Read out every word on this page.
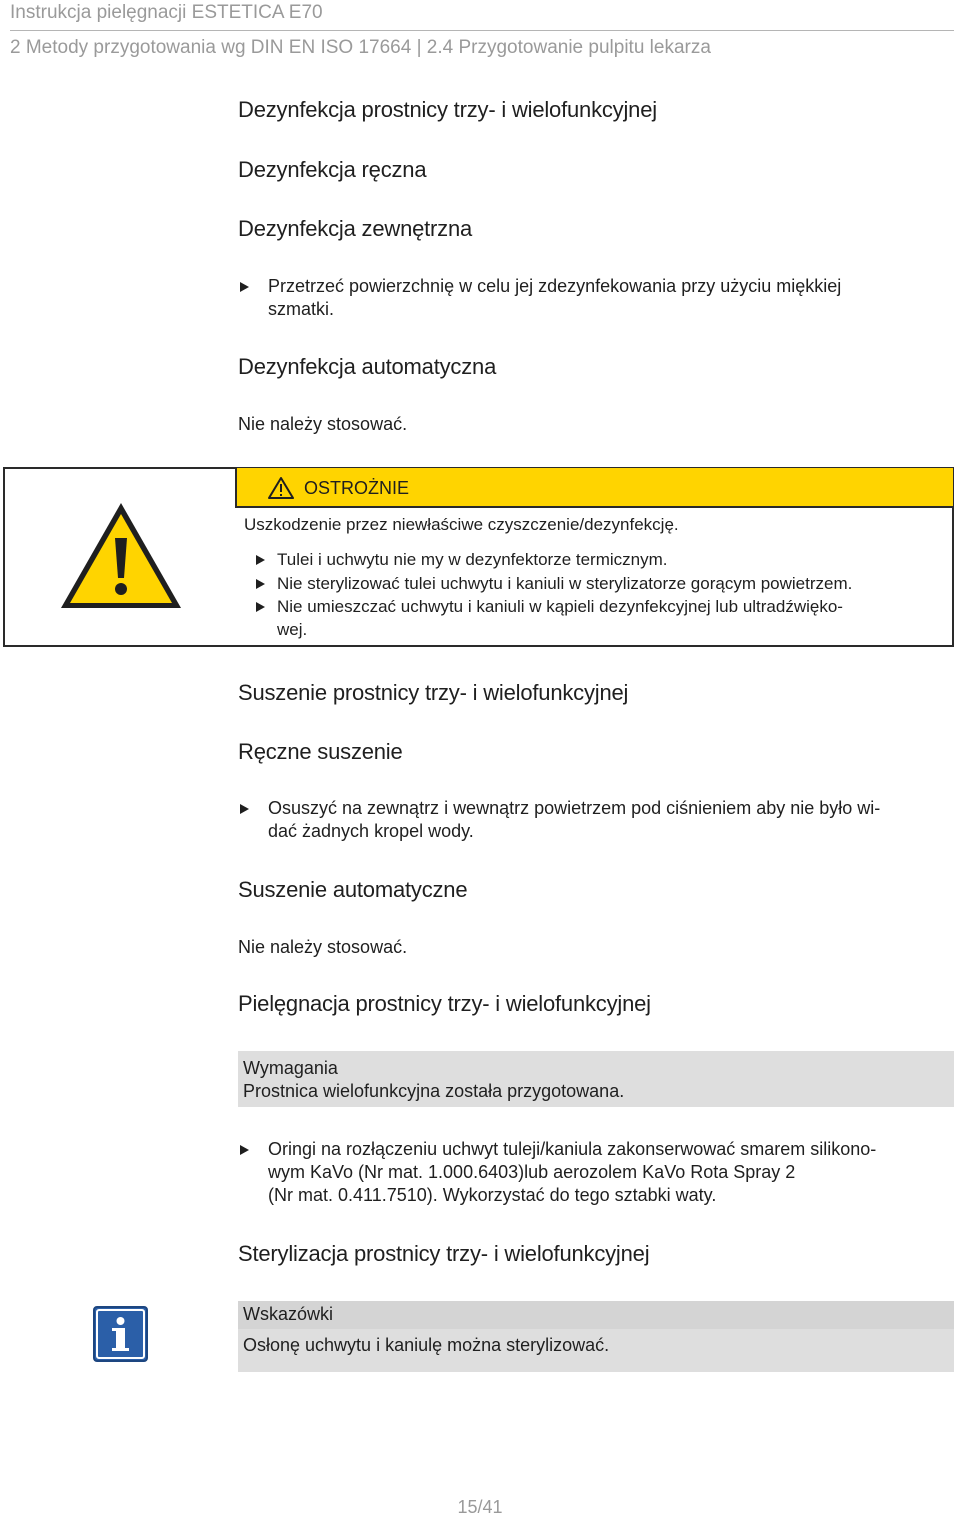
Instrukcja pielęgnacji ESTETICA E70
2 Metody przygotowania wg DIN EN ISO 17664 | 2.4 Przygotowanie pulpitu lekarza
Dezynfekcja prostnicy trzy- i wielofunkcyjnej
Dezynfekcja ręczna
Dezynfekcja zewnętrzna
Przetrzeć powierzchnię w celu jej zdezynfekowania przy użyciu miękkiej
szmatki.
Dezynfekcja automatyczna
Nie należy stosować.
OSTROŻNIE
Uszkodzenie przez niewłaściwe czyszczenie/dezynfekcję.
Tulei i uchwytu nie my w dezynfektorze termicznym.
Nie sterylizować tulei uchwytu i kaniuli w sterylizatorze gorącym powietrzem.
Nie umieszczać uchwytu i kaniuli w kąpieli dezynfekcyjnej lub ultradźwięko-
wej.
Suszenie prostnicy trzy- i wielofunkcyjnej
Ręczne suszenie
Osuszyć na zewnątrz i wewnątrz powietrzem pod ciśnieniem aby nie było wi-
dać żadnych kropel wody.
Suszenie automatyczne
Nie należy stosować.
Pielęgnacja prostnicy trzy- i wielofunkcyjnej
Wymagania
Prostnica wielofunkcyjna została przygotowana.
Oringi na rozłączeniu uchwyt tuleji/kaniula zakonserwować smarem silikono-
wym KaVo (Nr mat. 1.000.6403)lub aerozolem KaVo Rota Spray 2
(Nr mat. 0.411.7510). Wykorzystać do tego sztabki waty.
Sterylizacja prostnicy trzy- i wielofunkcyjnej
Wskazówki
Osłonę uchwytu i kaniulę można sterylizować.
15/41
